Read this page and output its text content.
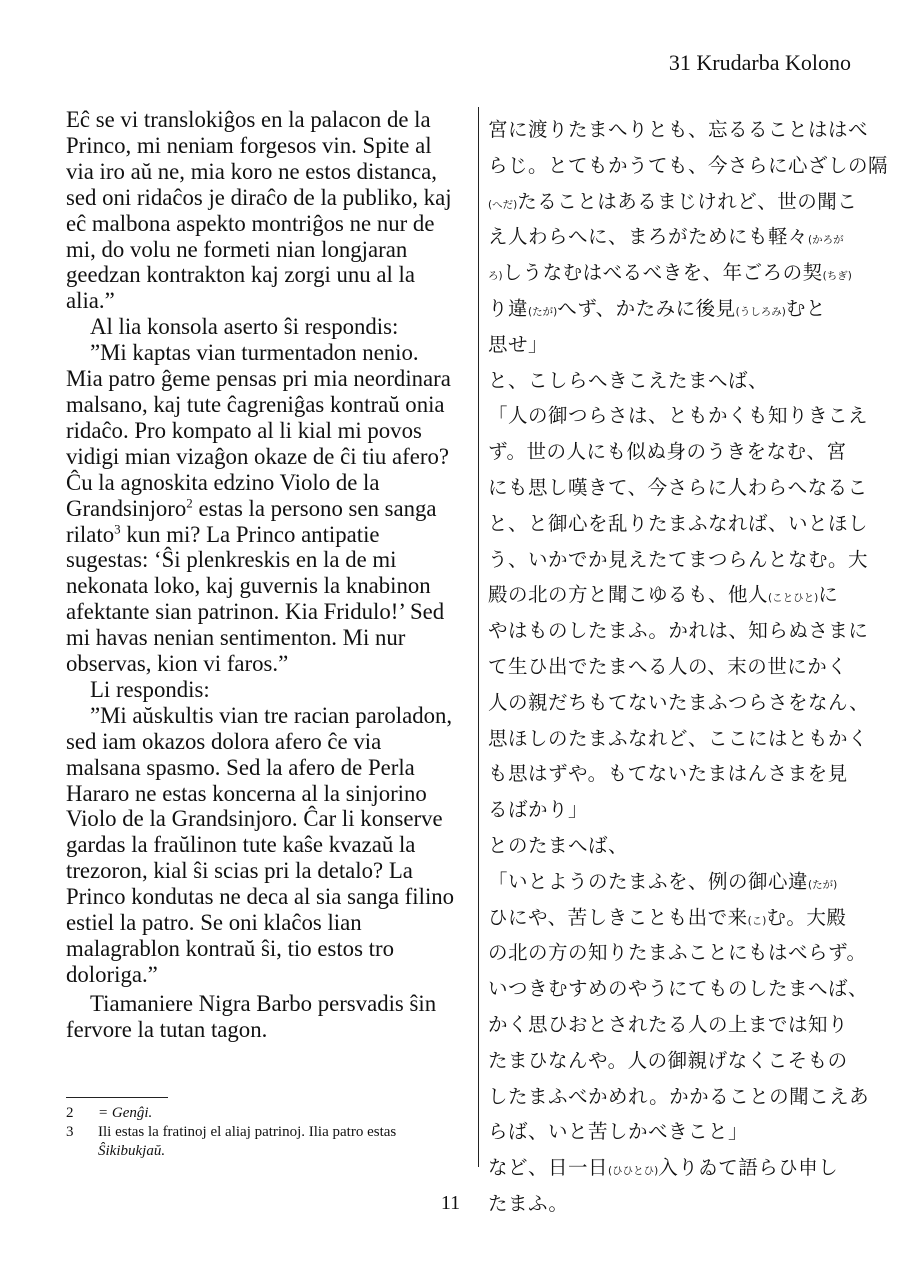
31 Krudarba Kolono

Eĉ se vi translokiĝos en la palacon de la
Princo, mi neniam forgesos vin. Spite al
via iro aŭ ne, mia koro ne estos distanca,
sed oni ridaĉos je diraĉo de la publiko, kaj
eĉ malbona aspekto montriĝos ne nur de
mi, do volu ne formeti nian longjaran
geedzan kontrakton kaj zorgi unu al la
alia.”

Al lia konsola aserto ŝi respondis:

”Mi kaptas vian turmentadon nenio.
Mia patro ĝeme pensas pri mia neordinara
malsano, kaj tute ĉagreniĝas kontraŭ onia
ridaĉo. Pro kompato al li kial mi povos
vidigi mian vizaĝon okaze de ĉi tiu afero?
Ĉu la agnoskita edzino Violo de la
Grandsinjoro$^2$ estas la persono sen sanga
rilato$^3$ kun mi? La Princo antipatie
sugestas: ‘Ŝi plenkreskis en la de mi
nekonata loko, kaj guvernis la knabinon
afektante sian patrinon. Kia Fridulo!’ Sed
mi havas nenian sentimenton. Mi nur
observas, kion vi faros.”

Li respondis:

”Mi aŭskultis vian tre racian paroladon,
sed iam okazos dolora afero ĉe via
malsana spasmo. Sed la afero de Perla
Hararo ne estas koncerna al la sinjorino
Violo de la Grandsinjoro. Ĉar li konserve
gardas la fraŭlinon tute kaŝe kvazaŭ la
trezoron, kial ŝi scias pri la detalo? La
Princo kondutas ne deca al sia sanga filino
estiel la patro. Se oni klaĉos lian
malagrablon kontraŭ ŝi, tio estos tro
doloriga.”

Tiamaniere Nigra Barbo persvadis ŝin
fervore la tutan tagon.

宮に渡りたまへりとも、忘るることははべ
らじ。とてもかうても、今さらに心ざしの隔
(へだ)たることはあるまじけれど、世の聞こ
え人わらへに、まろがためにも軽々(かろが
ろ)しうなむはべるべきを、年ごろの契(ちぎ)
り違(たが)へず、かたみに後見(うしろみ)むと
思せ」
と、こしらへきこえたまへば、
「人の御つらさは、ともかくも知りきこえ
ず。世の人にも似ぬ身のうきをなむ、宮
にも思し嘆きて、今さらに人わらへなるこ
と、と御心を乱りたまふなれば、いとほし
う、いかでか見えたてまつらんとなむ。大
殿の北の方と聞こゆるも、他人(ことひと)に
やはものしたまふ。かれは、知らぬさまに
て生ひ出でたまへる人の、末の世にかく
人の親だちもてないたまふつらさをなん、
思ほしのたまふなれど、ここにはともかく
も思はずや。もてないたまはんさまを見
るばかり」
とのたまへば、
「いとようのたまふを、例の御心違(たが)
ひにや、苦しきことも出で来(こ)む。大殿
の北の方の知りたまふことにもはべらず。
いつきむすめのやうにてものしたまへば、
かく思ひおとされたる人の上までは知り
たまひなんや。人の御親げなくこそもの
したまふべかめれ。かかることの聞こえあ
らば、いと苦しかべきこと」
など、日一日(ひひとひ)入りゐて語らひ申し
たまふ。
2	= Genĝi.
3	Ili estas la fratinoj el aliaj patrinoj. Ilia patro estas
Ŝikibukjaŭ.
11
